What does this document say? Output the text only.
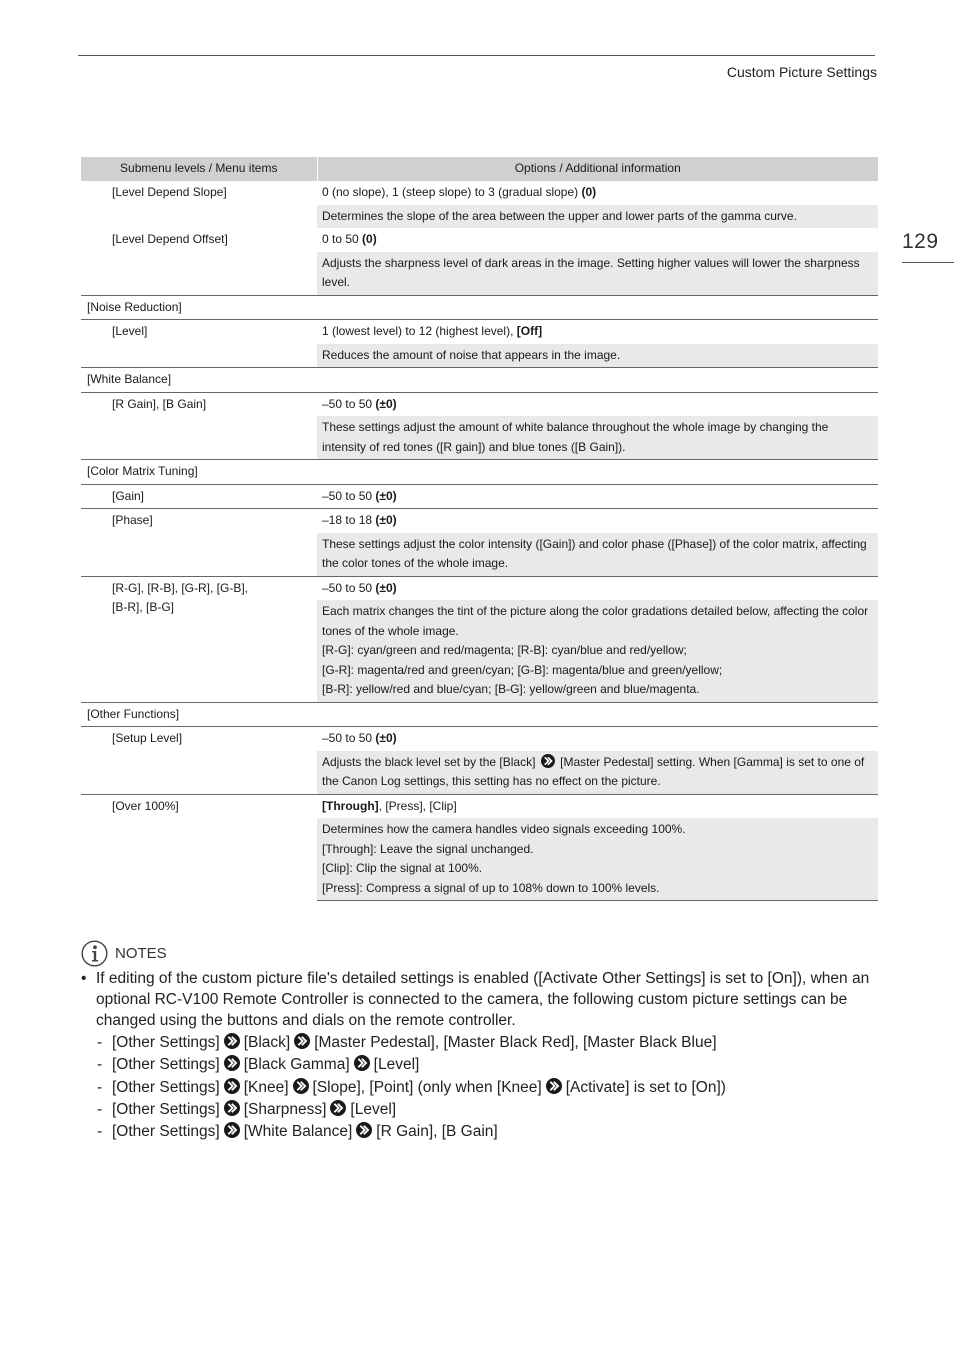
Custom Picture Settings
129
Submenu levels / Menu items	Options / Additional information
[Level Depend Slope]	0 (no slope), 1 (steep slope) to 3 (gradual slope) (0)
	Determines the slope of the area between the upper and lower parts of the gamma curve.
[Level Depend Offset]	0 to 50 (0)
	Adjusts the sharpness level of dark areas in the image. Setting higher values will lower the sharpness level.
[Noise Reduction]	
[Level]	1 (lowest level) to 12 (highest level), [Off]
	Reduces the amount of noise that appears in the image.
[White Balance]	
[R Gain], [B Gain]	–50 to 50 (±0)
	These settings adjust the amount of white balance throughout the whole image by changing the intensity of red tones ([R gain]) and blue tones ([B Gain]).
[Color Matrix Tuning]	
[Gain]	–50 to 50 (±0)
[Phase]	–18 to 18 (±0)
	These settings adjust the color intensity ([Gain]) and color phase ([Phase]) of the color matrix, affecting the color tones of the whole image.

[R-G], [R-B], [G-R], [G-B],
[B-R], [B-G]	–50 to 50 (±0)

	Each matrix changes the tint of the picture along the color gradations detailed below, affecting the color tones of the whole image.
[R-G]: cyan/green and red/magenta; [R-B]: cyan/blue and red/yellow;
[G-R]: magenta/red and green/cyan; [G-B]: magenta/blue and green/yellow;
[B-R]: yellow/red and blue/cyan; [B-G]: yellow/green and blue/magenta.

[Other Functions]	
[Setup Level]	–50 to 50 (±0)
	Adjusts the black level set by the [Black]  [Master Pedestal] setting. When [Gamma] is set to one of the Canon Log settings, this setting has no effect on the picture.
[Over 100%]	[Through], [Press], [Clip]

	Determines how the camera handles video signals exceeding 100%.
[Through]: Leave the signal unchanged.
[Clip]: Clip the signal at 100%.
[Press]: Compress a signal of up to 108% down to 100% levels.
NOTES
• If editing of the custom picture file's detailed settings is enabled ([Activate Other Settings] is set to [On]), when an optional RC-V100 Remote Controller is connected to the camera, the following custom picture settings can be changed using the buttons and dials on the remote controller.
- [Other Settings] [Black] [Master Pedestal], [Master Black Red], [Master Black Blue]
- [Other Settings] [Black Gamma] [Level]
- [Other Settings] [Knee] [Slope], [Point] (only when [Knee] [Activate] is set to [On])
- [Other Settings] [Sharpness] [Level]
- [Other Settings] [White Balance] [R Gain], [B Gain]
